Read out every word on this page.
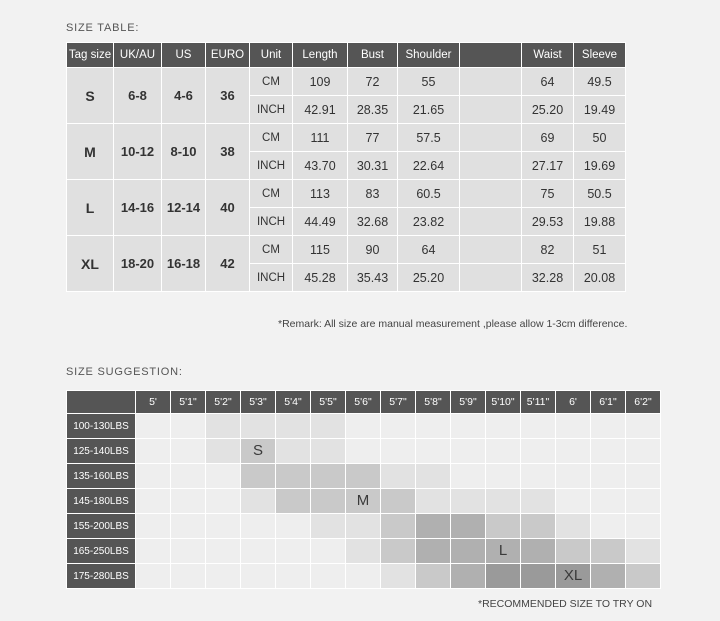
SIZE TABLE:
Tag size	UK/AU	US	EURO	Unit	Length	Bust	Shoulder		Waist	Sleeve
S	6-8	4-6	36	CM	109	72	55		64	49.5
				INCH	42.91	28.35	21.65		25.20	19.49
M	10-12	8-10	38	CM	111	77	57.5		69	50
				INCH	43.70	30.31	22.64		27.17	19.69
L	14-16	12-14	40	CM	113	83	60.5		75	50.5
				INCH	44.49	32.68	23.82		29.53	19.88
XL	18-20	16-18	42	CM	115	90	64		82	51
				INCH	45.28	35.43	25.20		32.28	20.08
*Remark: All size are manual measurement ,please allow 1-3cm difference.
SIZE SUGGESTION:
	5'	5'1"	5'2"	5'3"	5'4"	5'5"	5'6"	5'7"	5'8"	5'9"	5'10"	5'11"	6'	6'1"	6'2"
100-130LBS															
125-140LBS				S											
135-160LBS															
145-180LBS							M								
155-200LBS															
165-250LBS											L				
175-280LBS													XL		
*RECOMMENDED SIZE TO TRY ON
